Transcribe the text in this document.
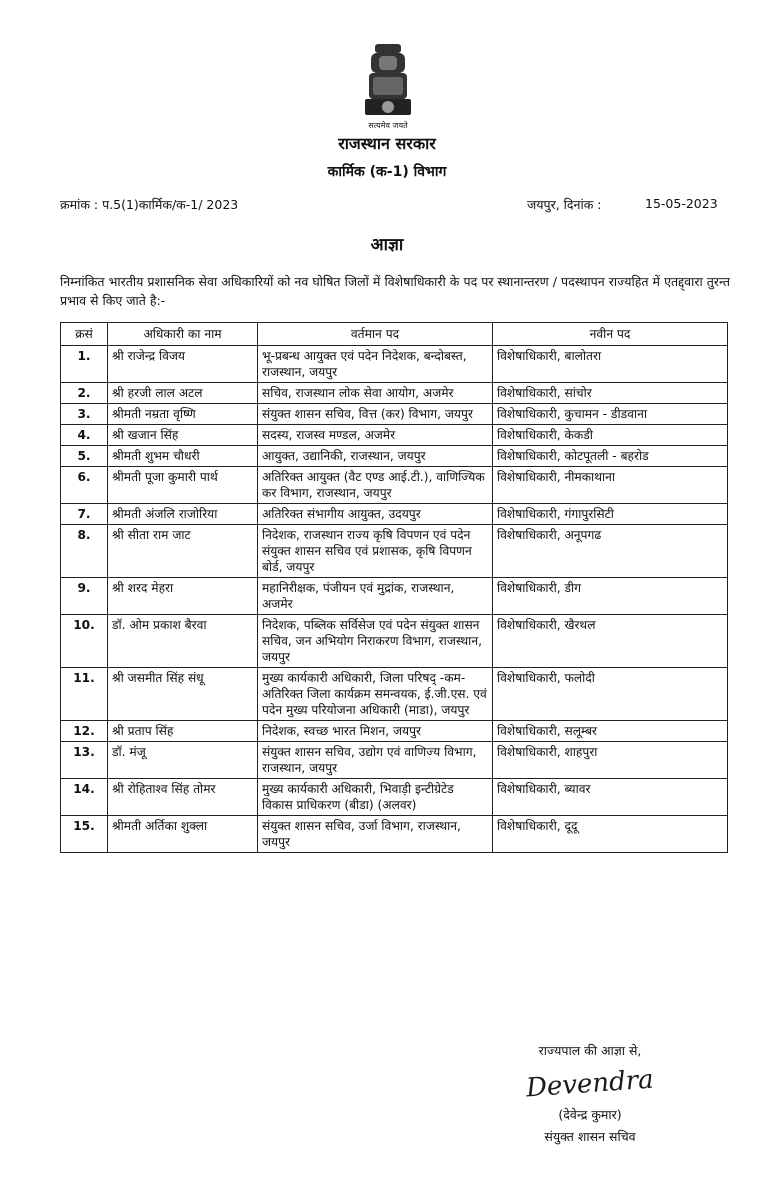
सत्यमेव जयते
राजस्थान सरकार
कार्मिक (क-1) विभाग
क्रमांक : प.5(1)कार्मिक/क-1/ 2023	जयपुर, दिनांक :	15-05-2023
आज्ञा
निम्नांकित भारतीय प्रशासनिक सेवा अधिकारियों को नव घोषित जिलों में विशेषाधिकारी के पद पर स्थानान्तरण / पदस्थापन राज्यहित में एतद्द्वारा तुरन्त प्रभाव से किए जाते है:-
क्रसं	अधिकारी का नाम	वर्तमान पद	नवीन पद
1.	श्री राजेन्द्र विजय	भू-प्रबन्ध आयुक्त एवं पदेन निदेशक, बन्दोबस्त, राजस्थान, जयपुर	विशेषाधिकारी, बालोतरा
2.	श्री हरजी लाल अटल	सचिव, राजस्थान लोक सेवा आयोग, अजमेर	विशेषाधिकारी, सांचोर
3.	श्रीमती नम्रता वृष्णि	संयुक्त शासन सचिव, वित्त (कर) विभाग, जयपुर	विशेषाधिकारी, कुचामन - डीडवाना
4.	श्री खजान सिंह	सदस्य, राजस्व मण्डल, अजमेर	विशेषाधिकारी, केकडी
5.	श्रीमती शुभम चौधरी	आयुक्त, उद्यानिकी, राजस्थान, जयपुर	विशेषाधिकारी, कोटपूतली - बहरोड
6.	श्रीमती पूजा कुमारी पार्थ	अतिरिक्त आयुक्त (वैट एण्ड आई.टी.), वाणिज्यिक कर विभाग, राजस्थान, जयपुर	विशेषाधिकारी, नीमकाथाना
7.	श्रीमती अंजलि राजोरिया	अतिरिक्त संभागीय आयुक्त, उदयपुर	विशेषाधिकारी, गंगापुरसिटी
8.	श्री सीता राम जाट	निदेशक, राजस्थान राज्य कृषि विपणन एवं पदेन संयुक्त शासन सचिव एवं प्रशासक, कृषि विपणन बोर्ड, जयपुर	विशेषाधिकारी, अनूपगढ
9.	श्री शरद मेहरा	महानिरीक्षक, पंजीयन एवं मुद्रांक, राजस्थान, अजमेर	विशेषाधिकारी, डीग
10.	डॉ. ओम प्रकाश बैरवा	निदेशक, पब्लिक सर्विसेज एवं पदेन संयुक्त शासन सचिव, जन अभियोग निराकरण विभाग, राजस्थान, जयपुर	विशेषाधिकारी, खैरथल
11.	श्री जसमीत सिंह संधू	मुख्य कार्यकारी अधिकारी, जिला परिषद् -कम- अतिरिक्त जिला कार्यक्रम समन्वयक, ई.जी.एस. एवं पदेन मुख्य परियोजना अधिकारी (माडा), जयपुर	विशेषाधिकारी, फलोदी
12.	श्री प्रताप सिंह	निदेशक, स्वच्छ भारत मिशन, जयपुर	विशेषाधिकारी, सलूम्बर
13.	डॉ. मंजू	संयुक्त शासन सचिव, उद्योग एवं वाणिज्य विभाग, राजस्थान, जयपुर	विशेषाधिकारी, शाहपुरा
14.	श्री रोहिताश्व सिंह तोमर	मुख्य कार्यकारी अधिकारी, भिवाड़ी इन्टीग्रेटेड विकास प्राधिकरण (बीडा) (अलवर)	विशेषाधिकारी, ब्यावर
15.	श्रीमती अर्तिका शुक्ला	संयुक्त शासन सचिव, उर्जा विभाग, राजस्थान, जयपुर	विशेषाधिकारी, दूदू
राज्यपाल की आज्ञा से,
Devendra
(देवेन्द्र कुमार)
संयुक्त शासन सचिव
